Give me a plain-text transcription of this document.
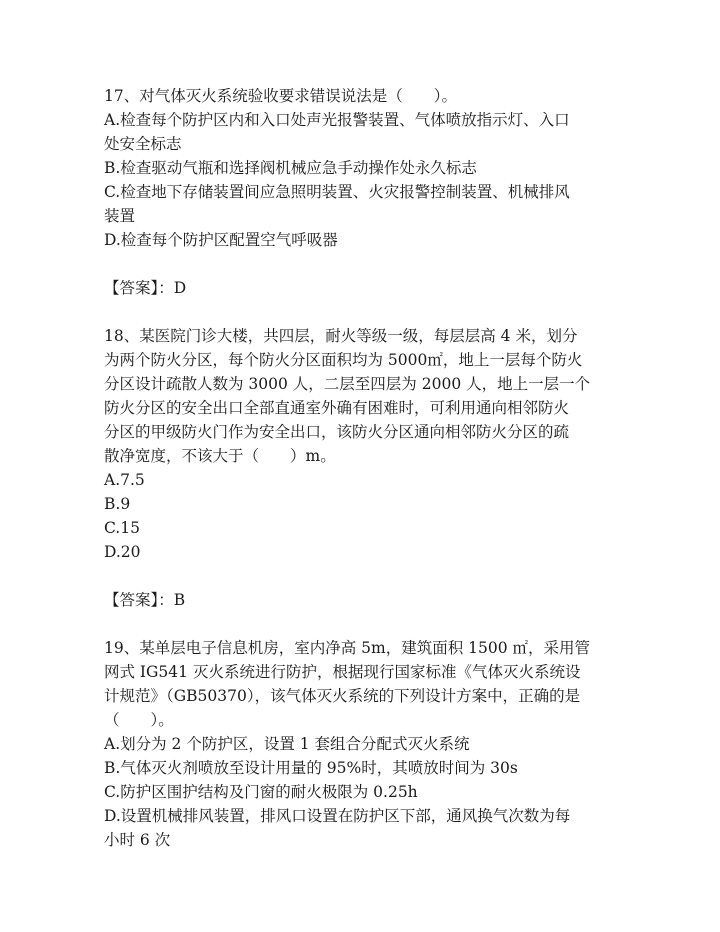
17、对气体灭火系统验收要求错误说法是（　　）。
A.检查每个防护区内和入口处声光报警装置、气体喷放指示灯、入口
处安全标志
B.检查驱动气瓶和选择阀机械应急手动操作处永久标志
C.检查地下存储装置间应急照明装置、火灾报警控制装置、机械排风
装置
D.检查每个防护区配置空气呼吸器
【答案】：D
18、某医院门诊大楼，共四层，耐火等级一级，每层层高 4 米，划分
为两个防火分区，每个防火分区面积均为 5000㎡，地上一层每个防火
分区设计疏散人数为 3000 人，二层至四层为 2000 人，地上一层一个
防火分区的安全出口全部直通室外确有困难时，可利用通向相邻防火
分区的甲级防火门作为安全出口，该防火分区通向相邻防火分区的疏
散净宽度，不该大于（　　）m。
A.7.5
B.9
C.15
D.20
【答案】：B
19、某单层电子信息机房，室内净高 5m，建筑面积 1500 ㎡，采用管
网式 IG541 灭火系统进行防护，根据现行国家标准《气体灭火系统设
计规范》（GB50370），该气体灭火系统的下列设计方案中，正确的是
（　　）。
A.划分为 2 个防护区，设置 1 套组合分配式灭火系统
B.气体灭火剂喷放至设计用量的 95%时，其喷放时间为 30s
C.防护区围护结构及门窗的耐火极限为 0.25h
D.设置机械排风装置，排风口设置在防护区下部，通风换气次数为每
小时 6 次
